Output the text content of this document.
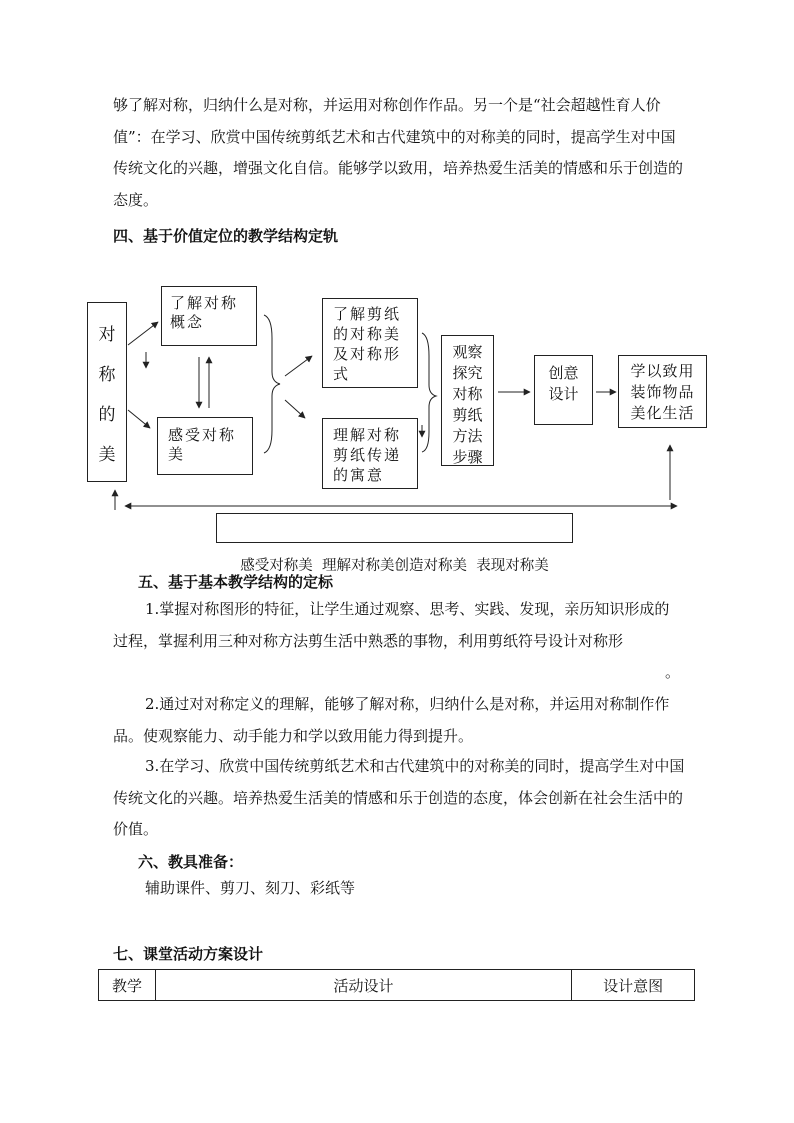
够了解对称，归纳什么是对称，并运用对称创作作品。另一个是“社会超越性育人价值”：在学习、欣赏中国传统剪纸艺术和古代建筑中的对称美的同时，提高学生对中国传统文化的兴趣，增强文化自信。能够学以致用，培养热爱生活美的情感和乐于创造的态度。

四、基于价值定位的教学结构定轨

对
称
的
美
了解对称概念
感受对称美
了解剪纸的对称美及对称形式
理解对称剪纸传递的寓意
观察探究对称剪纸方法步骤
创意设计
学以致用装饰物品美化生活

感受对称美  理解对称美创造对称美  表现对称美

五、基于基本教学结构的定标

1.掌握对称图形的特征，让学生通过观察、思考、实践、发现，亲历知识形成的过程，掌握利用三种对称方法剪生活中熟悉的事物，利用剪纸符号设计对称形

。

2.通过对对称定义的理解，能够了解对称，归纳什么是对称，并运用对称制作作品。使观察能力、动手能力和学以致用能力得到提升。

3.在学习、欣赏中国传统剪纸艺术和古代建筑中的对称美的同时，提高学生对中国传统文化的兴趣。培养热爱生活美的情感和乐于创造的态度，体会创新在社会生活中的价值。

六、教具准备：

辅助课件、剪刀、刻刀、彩纸等

七、课堂活动方案设计

教学	活动设计	设计意图
